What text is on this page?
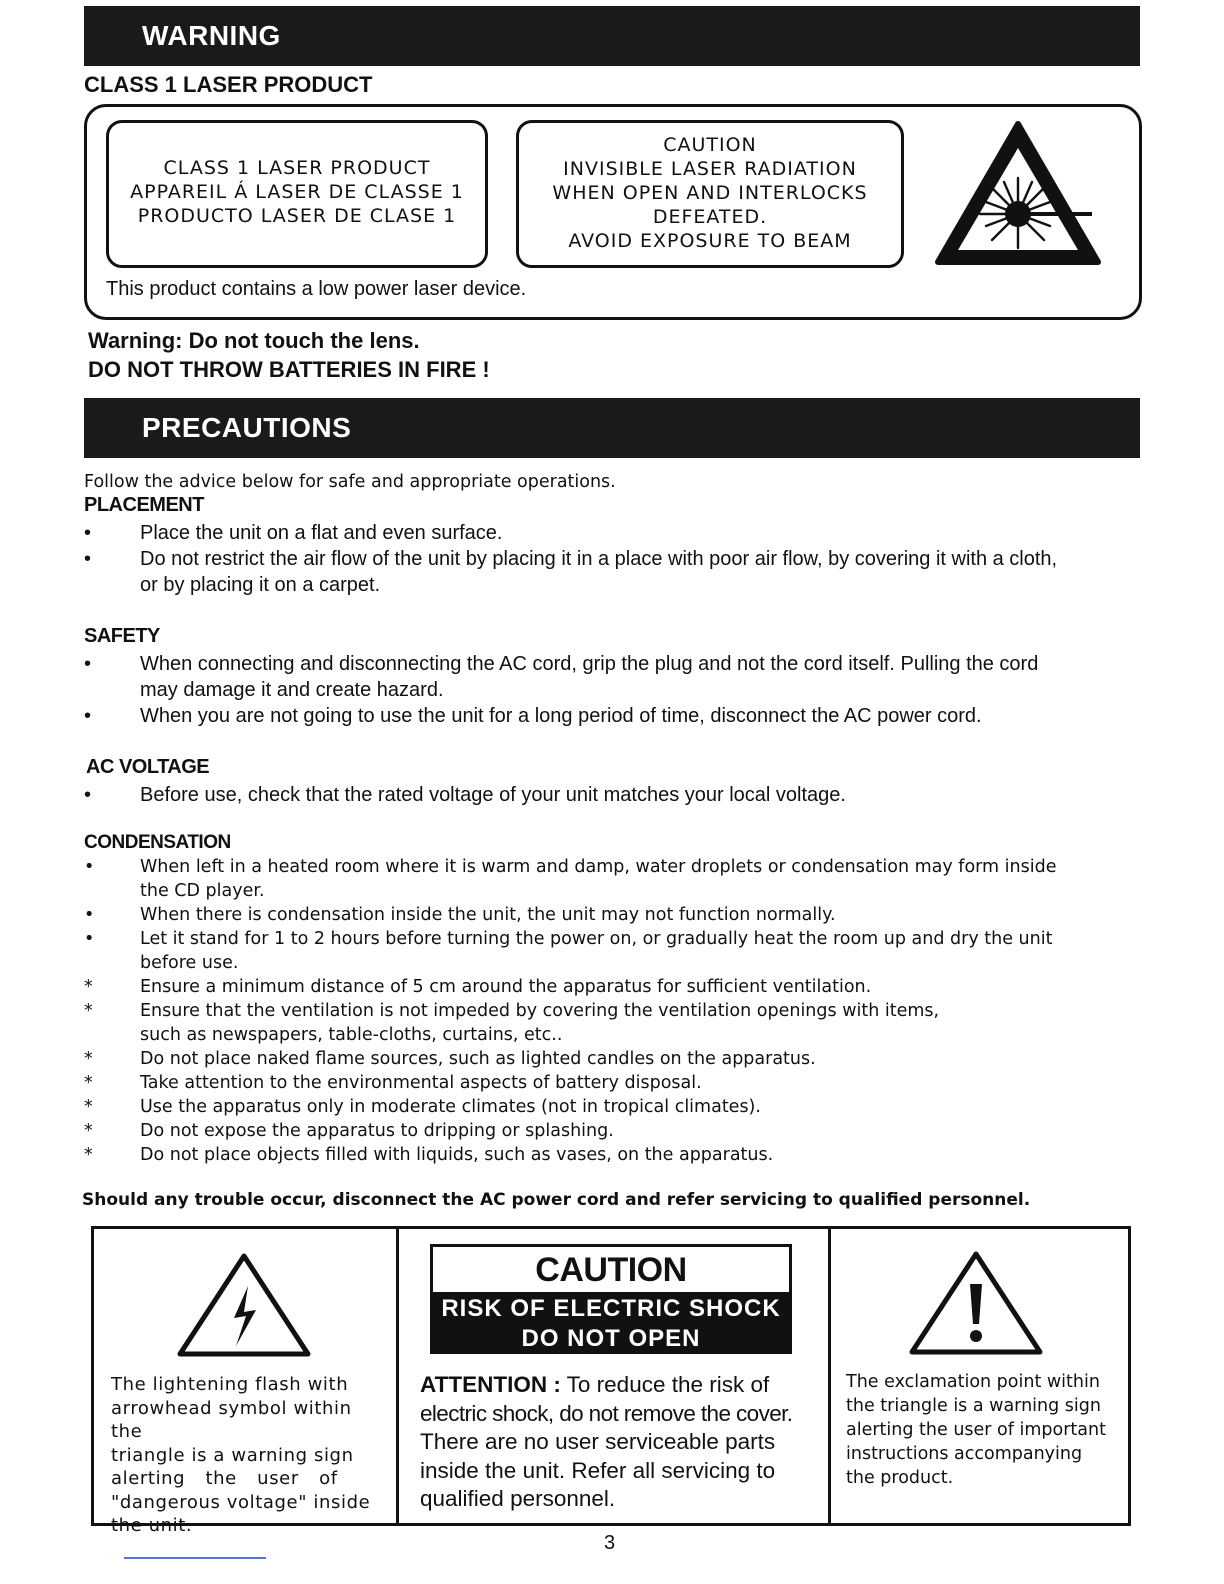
WARNING
CLASS 1 LASER PRODUCT
CLASS 1 LASER PRODUCT
APPAREIL Á LASER DE CLASSE 1
PRODUCTO LASER DE CLASE 1
CAUTION
INVISIBLE LASER RADIATION
WHEN OPEN AND INTERLOCKS
DEFEATED.
AVOID EXPOSURE TO BEAM
This product contains a low power laser device.
Warning: Do not touch the lens.
DO NOT THROW BATTERIES IN FIRE !
PRECAUTIONS
Follow the advice below for safe and appropriate operations.
PLACEMENT
•	Place the unit on a flat and even surface.
•	Do not restrict the air flow of the unit by placing it in a place with poor air flow, by covering it with a cloth,
or by placing it on a carpet.
SAFETY
•	When connecting and disconnecting the AC cord, grip the plug and not the cord itself. Pulling the cord
may damage it and create hazard.
•	When you are not going to use the unit for a long period of time, disconnect the AC power cord.
AC VOLTAGE
•	Before use, check that the rated voltage of your unit matches your local voltage.
CONDENSATION
•	When left in a heated room where it is warm and damp, water droplets or condensation may form inside
the CD player.
•	When there is condensation inside the unit, the unit may not function normally.
•	Let it stand for 1 to 2 hours before turning the power on, or gradually heat the room up and dry the unit
before use.
*	Ensure a minimum distance of 5 cm around the apparatus for sufficient ventilation.
*	Ensure that the ventilation is not impeded by covering the ventilation openings with items,
such as newspapers, table-cloths, curtains, etc..
*	Do not place naked flame sources, such as lighted candles on the apparatus.
*	Take attention to the environmental aspects of battery disposal.
*	Use the apparatus only in moderate climates (not in tropical climates).
*	Do not expose the apparatus to dripping or splashing.
*	Do not place objects filled with liquids, such as vases, on the apparatus.
Should any trouble occur, disconnect the AC power cord and refer servicing to qualified personnel.
The lightening flash with
arrowhead symbol within the
triangle is a warning sign
alerting the user of
"dangerous voltage" inside
the unit.
CAUTION
RISK OF ELECTRIC SHOCK
DO NOT OPEN
ATTENTION : To reduce the risk of
electric shock, do not remove the cover.
There are no user serviceable parts
inside the unit. Refer all servicing to
qualified personnel.
The exclamation point within
the triangle is a warning sign
alerting the user of important
instructions accompanying
the product.
3
